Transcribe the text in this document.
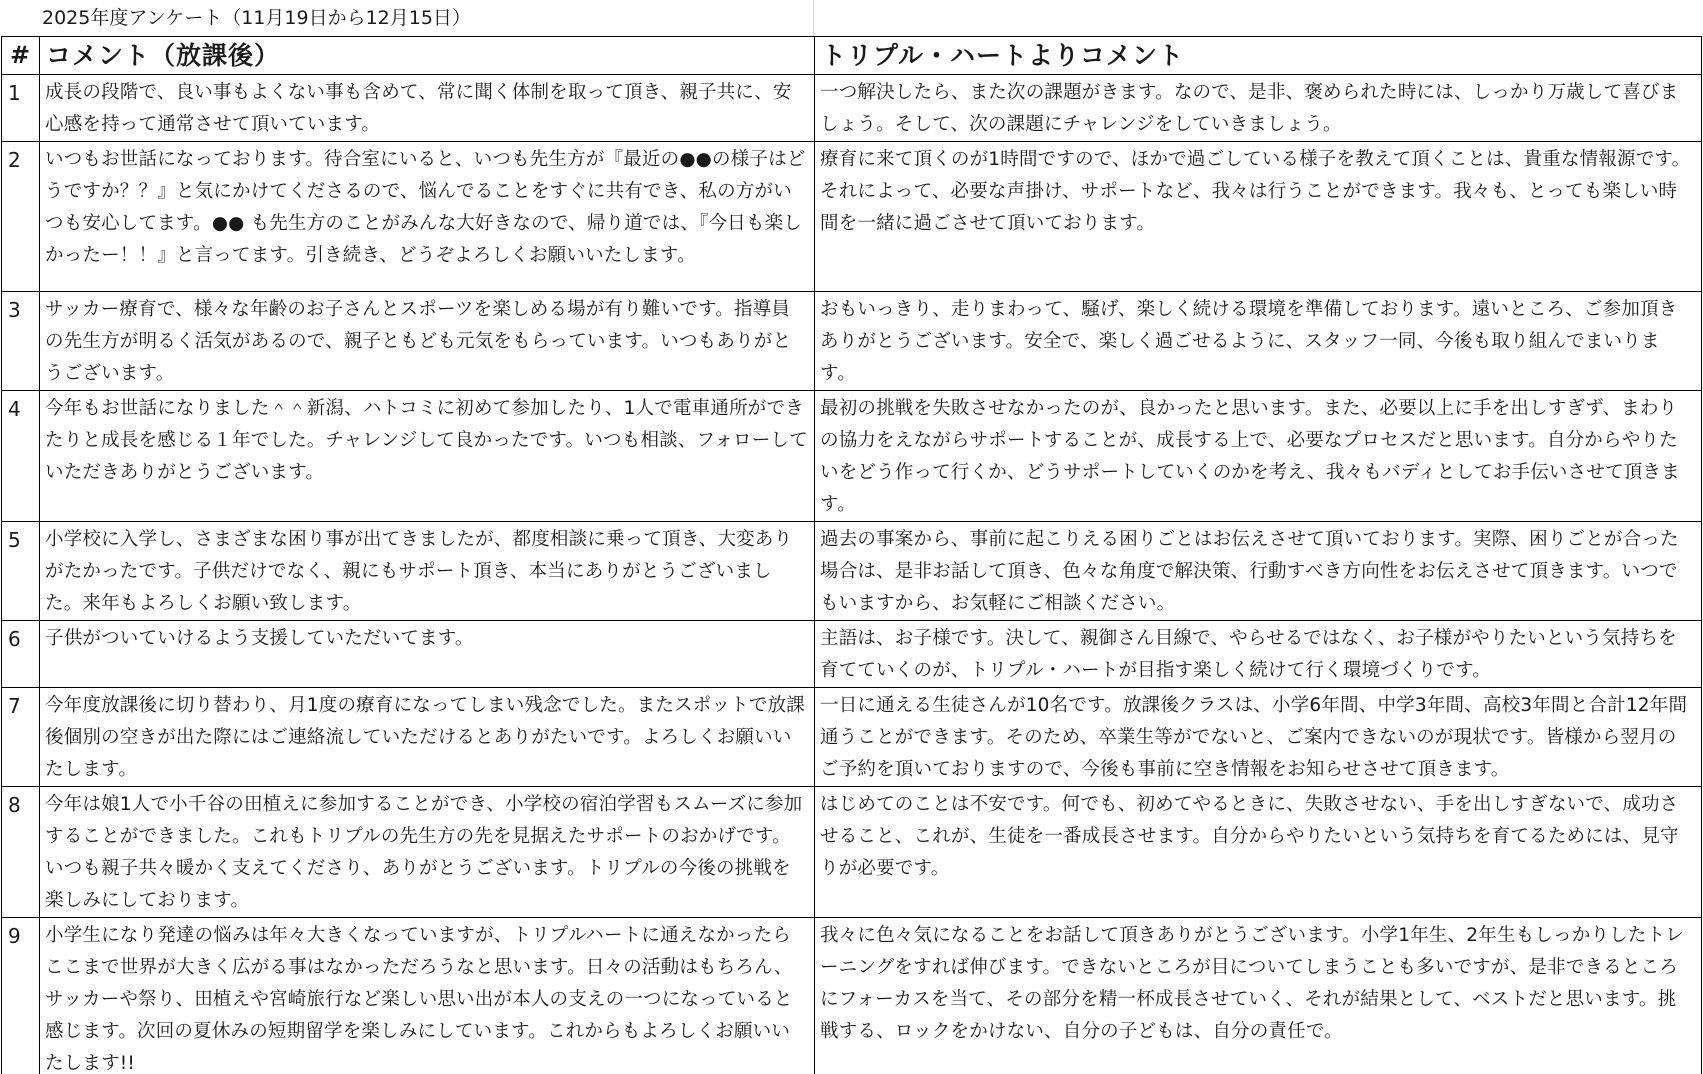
2025年度アンケート（11月19日から12月15日）
#	コメント（放課後）	トリプル・ハートよりコメント
1	成長の段階で、良い事もよくない事も含めて、常に聞く体制を取って頂き、親子共に、安心感を持って通常させて頂いています。	一つ解決したら、また次の課題がきます。なので、是非、褒められた時には、しっかり万歳して喜びましょう。そして、次の課題にチャレンジをしていきましょう。
2	いつもお世話になっております。待合室にいると、いつも先生方が『最近の●●の様子はどうですか？？』と気にかけてくださるので、悩んでることをすぐに共有でき、私の方がいつも安心してます。●● も先生方のことがみんな大好きなので、帰り道では、『今日も楽しかったー！！』と言ってます。引き続き、どうぞよろしくお願いいたします。	療育に来て頂くのが1時間ですので、ほかで過ごしている様子を教えて頂くことは、貴重な情報源です。それによって、必要な声掛け、サポートなど、我々は行うことができます。我々も、とっても楽しい時間を一緒に過ごさせて頂いております。
3	サッカー療育で、様々な年齢のお子さんとスポーツを楽しめる場が有り難いです。指導員の先生方が明るく活気があるので、親子ともども元気をもらっています。いつもありがとうございます。	おもいっきり、走りまわって、騒げ、楽しく続ける環境を準備しております。遠いところ、ご参加頂きありがとうございます。安全で、楽しく過ごせるように、スタッフ一同、今後も取り組んでまいります。
4	今年もお世話になりました＾＾新潟、ハトコミに初めて参加したり、1人で電車通所ができたりと成長を感じる１年でした。チャレンジして良かったです。いつも相談、フォローしていただきありがとうございます。	最初の挑戦を失敗させなかったのが、良かったと思います。また、必要以上に手を出しすぎず、まわりの協力をえながらサポートすることが、成長する上で、必要なプロセスだと思います。自分からやりたいをどう作って行くか、どうサポートしていくのかを考え、我々もバディとしてお手伝いさせて頂きます。
5	小学校に入学し、さまざまな困り事が出てきましたが、都度相談に乗って頂き、大変ありがたかったです。子供だけでなく、親にもサポート頂き、本当にありがとうございました。来年もよろしくお願い致します。	過去の事案から、事前に起こりえる困りごとはお伝えさせて頂いております。実際、困りごとが合った場合は、是非お話して頂き、色々な角度で解決策、行動すべき方向性をお伝えさせて頂きます。いつでもいますから、お気軽にご相談ください。
6	子供がついていけるよう支援していただいてます。	主語は、お子様です。決して、親御さん目線で、やらせるではなく、お子様がやりたいという気持ちを育てていくのが、トリプル・ハートが目指す楽しく続けて行く環境づくりです。
7	今年度放課後に切り替わり、月1度の療育になってしまい残念でした。またスポットで放課後個別の空きが出た際にはご連絡流していただけるとありがたいです。よろしくお願いいたします。	一日に通える生徒さんが10名です。放課後クラスは、小学6年間、中学3年間、高校3年間と合計12年間通うことができます。そのため、卒業生等がでないと、ご案内できないのが現状です。皆様から翌月のご予約を頂いておりますので、今後も事前に空き情報をお知らせさせて頂きます。
8	今年は娘1人で小千谷の田植えに参加することができ、小学校の宿泊学習もスムーズに参加することができました。これもトリプルの先生方の先を見据えたサポートのおかげです。いつも親子共々暖かく支えてくださり、ありがとうございます。トリプルの今後の挑戦を楽しみにしております。	はじめてのことは不安です。何でも、初めてやるときに、失敗させない、手を出しすぎないで、成功させること、これが、生徒を一番成長させます。自分からやりたいという気持ちを育てるためには、見守りが必要です。
9	小学生になり発達の悩みは年々大きくなっていますが、トリプルハートに通えなかったらここまで世界が大きく広がる事はなかっただろうなと思います。日々の活動はもちろん、サッカーや祭り、田植えや宮崎旅行など楽しい思い出が本人の支えの一つになっていると感じます。次回の夏休みの短期留学を楽しみにしています。これからもよろしくお願いいたします!!	我々に色々気になることをお話して頂きありがとうございます。小学1年生、2年生もしっかりしたトレーニングをすれば伸びます。できないところが目についてしまうことも多いですが、是非できるところにフォーカスを当て、その部分を精一杯成長させていく、それが結果として、ベストだと思います。挑戦する、ロックをかけない、自分の子どもは、自分の責任で。
